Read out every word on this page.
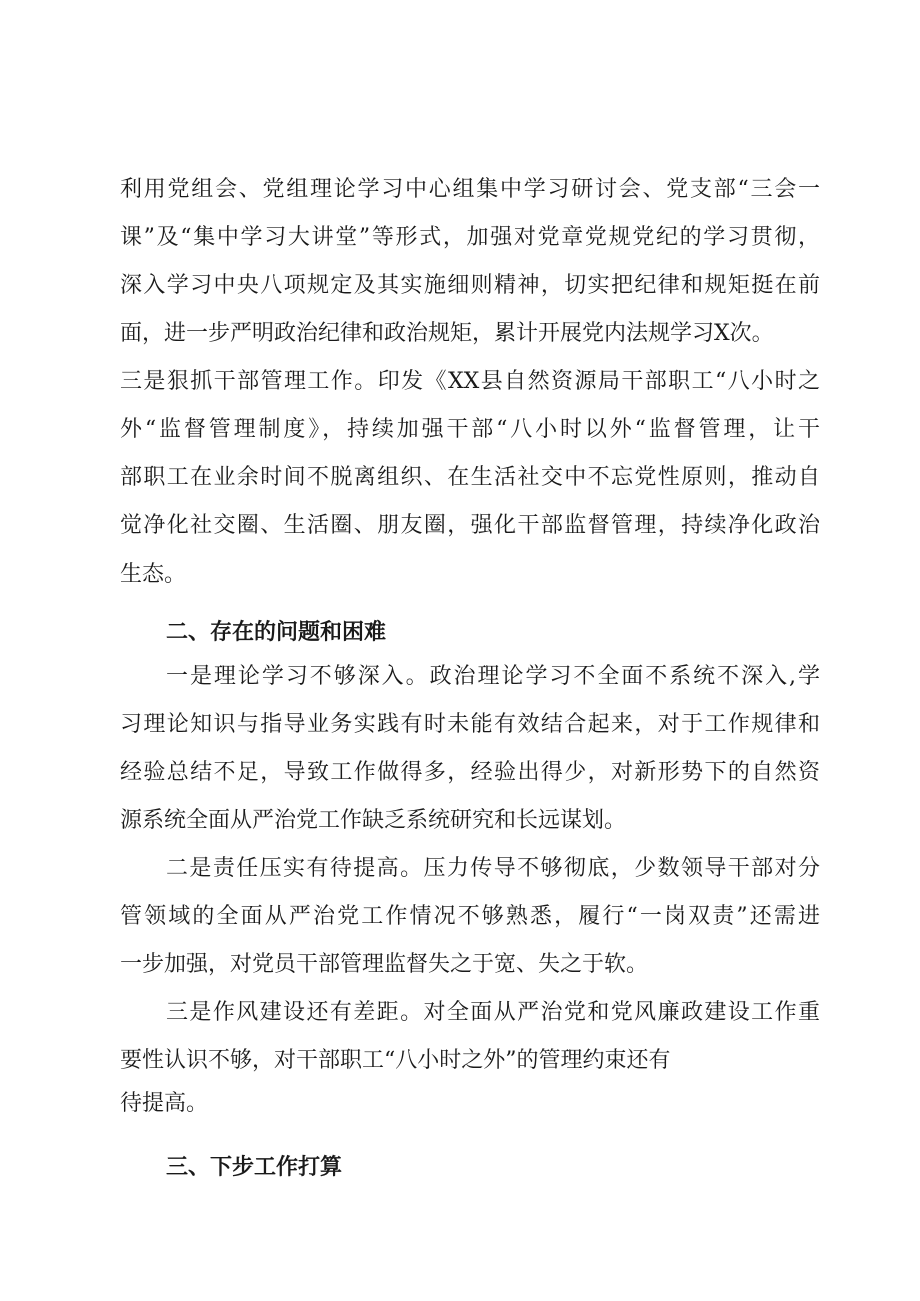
利用党组会、党组理论学习中心组集中学习研讨会、党支部“三会一
课”及“集中学习大讲堂”等形式，加强对党章党规党纪的学习贯彻，
深入学习中央八项规定及其实施细则精神，切实把纪律和规矩挺在前
面，进一步严明政治纪律和政治规矩，累计开展党内法规学习X次。
三是狠抓干部管理工作。印发《XX县自然资源局干部职工“八小时之
外“监督管理制度》，持续加强干部“八小时以外“监督管理，让干
部职工在业余时间不脱离组织、在生活社交中不忘党性原则，推动自
觉净化社交圈、生活圈、朋友圈，强化干部监督管理，持续净化政治
生态。
二、存在的问题和困难
一是理论学习不够深入。政治理论学习不全面不系统不深入,学
习理论知识与指导业务实践有时未能有效结合起来，对于工作规律和
经验总结不足，导致工作做得多，经验出得少，对新形势下的自然资
源系统全面从严治党工作缺乏系统研究和长远谋划。
二是责任压实有待提高。压力传导不够彻底，少数领导干部对分
管领域的全面从严治党工作情况不够熟悉，履行“一岗双责”还需进
一步加强，对党员干部管理监督失之于宽、失之于软。
三是作风建设还有差距。对全面从严治党和党风廉政建设工作重
要性认识不够，对干部职工“八小时之外”的管理约束还有
待提高。
三、下步工作打算
